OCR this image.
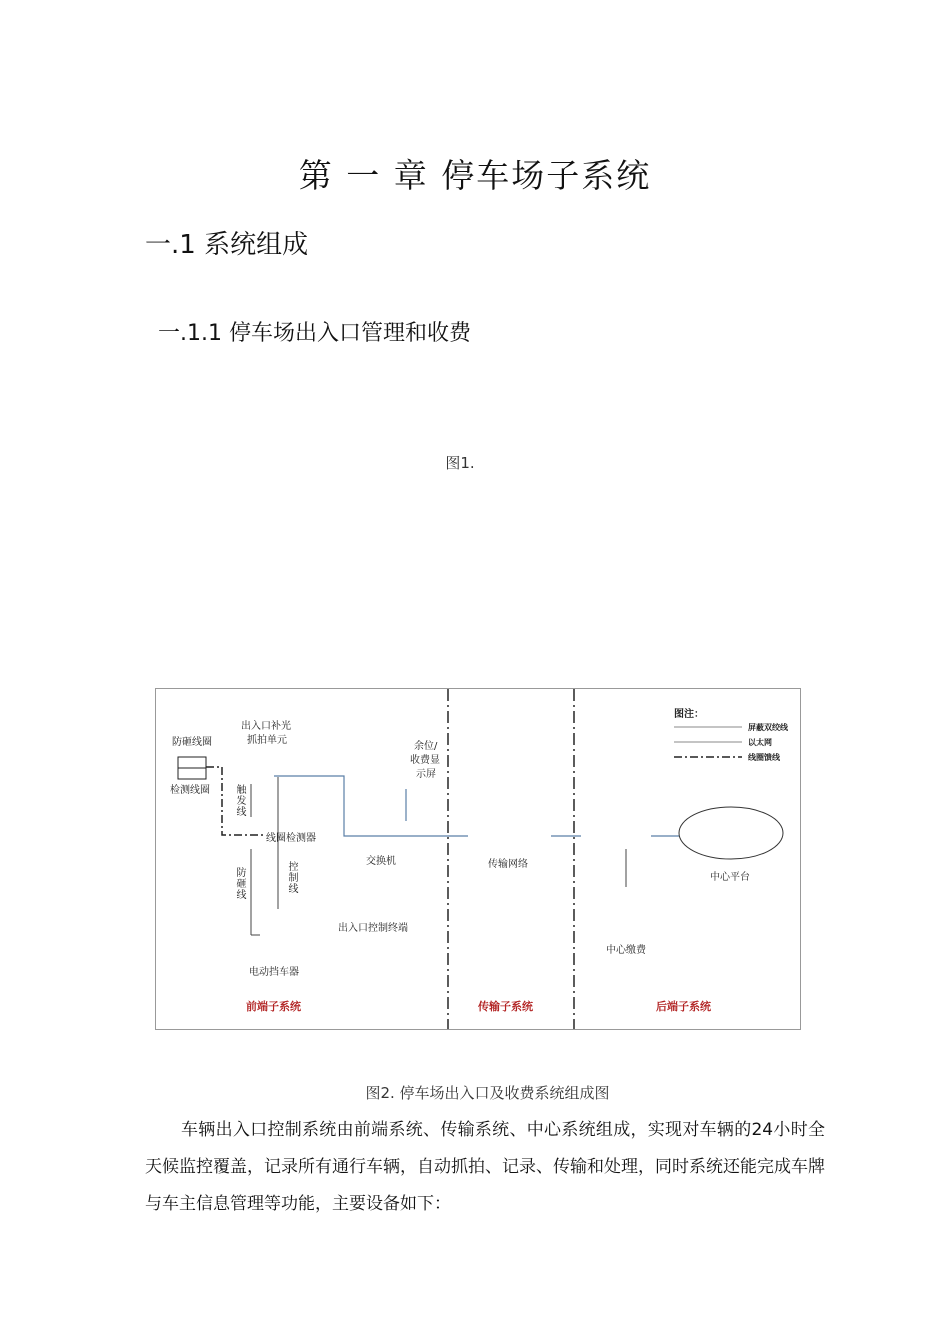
第 一 章 停车场子系统
一.1 系统组成
一.1.1 停车场出入口管理和收费
图1.
防砸线圈
检测线圈
出入口补光
抓拍单元
触发线
线圈检测器
防砸线	控制线	交换机
出入口控制终端
电动挡车器
余位/
收费显
示屏
传输网络
中心平台
中心缴费
前端子系统	传输子系统	后端子系统
图注：
屏蔽双绞线
以太网
线圈馈线
图2. 停车场出入口及收费系统组成图

车辆出入口控制系统由前端系统、传输系统、中心系统组成，实现对车辆的24小时全天候监控覆盖，记录所有通行车辆，自动抓拍、记录、传输和处理，同时系统还能完成车牌与车主信息管理等功能，主要设备如下：
